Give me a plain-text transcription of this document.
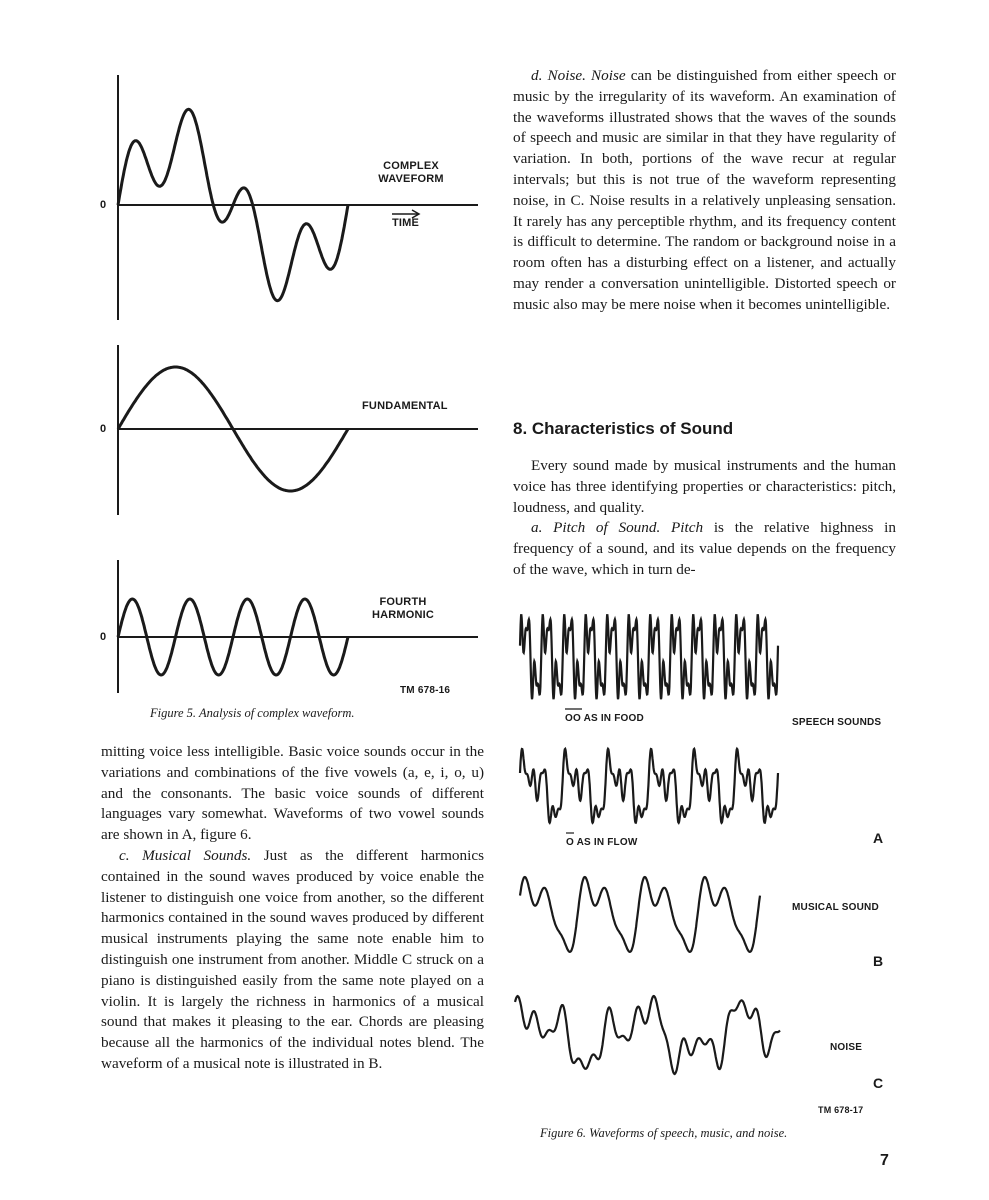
0
COMPLEX
WAVEFORM
TIME
0
FUNDAMENTAL
0
FOURTH
HARMONIC
TM 678-16
Figure 5. Analysis of complex waveform.

mitting voice less intelligible. Basic voice sounds occur in the variations and combinations of the five vowels (a, e, i, o, u) and the consonants. The basic voice sounds of different languages vary somewhat. Waveforms of two vowel sounds are shown in A, figure 6.

c. Musical Sounds. Just as the different harmonics contained in the sound waves produced by voice enable the listener to distinguish one voice from another, so the different harmonics contained in the sound waves produced by different musical instruments playing the same note enable him to distinguish one instrument from another. Middle C struck on a piano is distinguished easily from the same note played on a violin. It is largely the richness in harmonics of a musical sound that makes it pleasing to the ear. Chords are pleasing because all the harmonics of the individual notes blend. The waveform of a musical note is illustrated in B.

d. Noise. Noise can be distinguished from either speech or music by the irregularity of its waveform. An examination of the waveforms illustrated shows that the waves of the sounds of speech and music are similar in that they have regularity of variation. In both, portions of the wave recur at regular intervals; but this is not true of the waveform representing noise, in C. Noise results in a relatively unpleasing sensation. It rarely has any perceptible rhythm, and its frequency content is difficult to determine. The random or background noise in a room often has a disturbing effect on a listener, and actually may render a conversation unintelligible. Distorted speech or music also may be mere noise when it becomes unintelligible.

8. Characteristics of Sound

Every sound made by musical instruments and the human voice has three identifying properties or characteristics: pitch, loudness, and quality.

a. Pitch of Sound. Pitch is the relative highness in frequency of a sound, and its value depends on the frequency of the wave, which in turn de-

OO AS IN FOOD	SPEECH SOUNDS
O AS IN FLOW	A
MUSICAL SOUND
B
NOISE
C
TM 678-17
Figure 6. Waveforms of speech, music, and noise.
7
